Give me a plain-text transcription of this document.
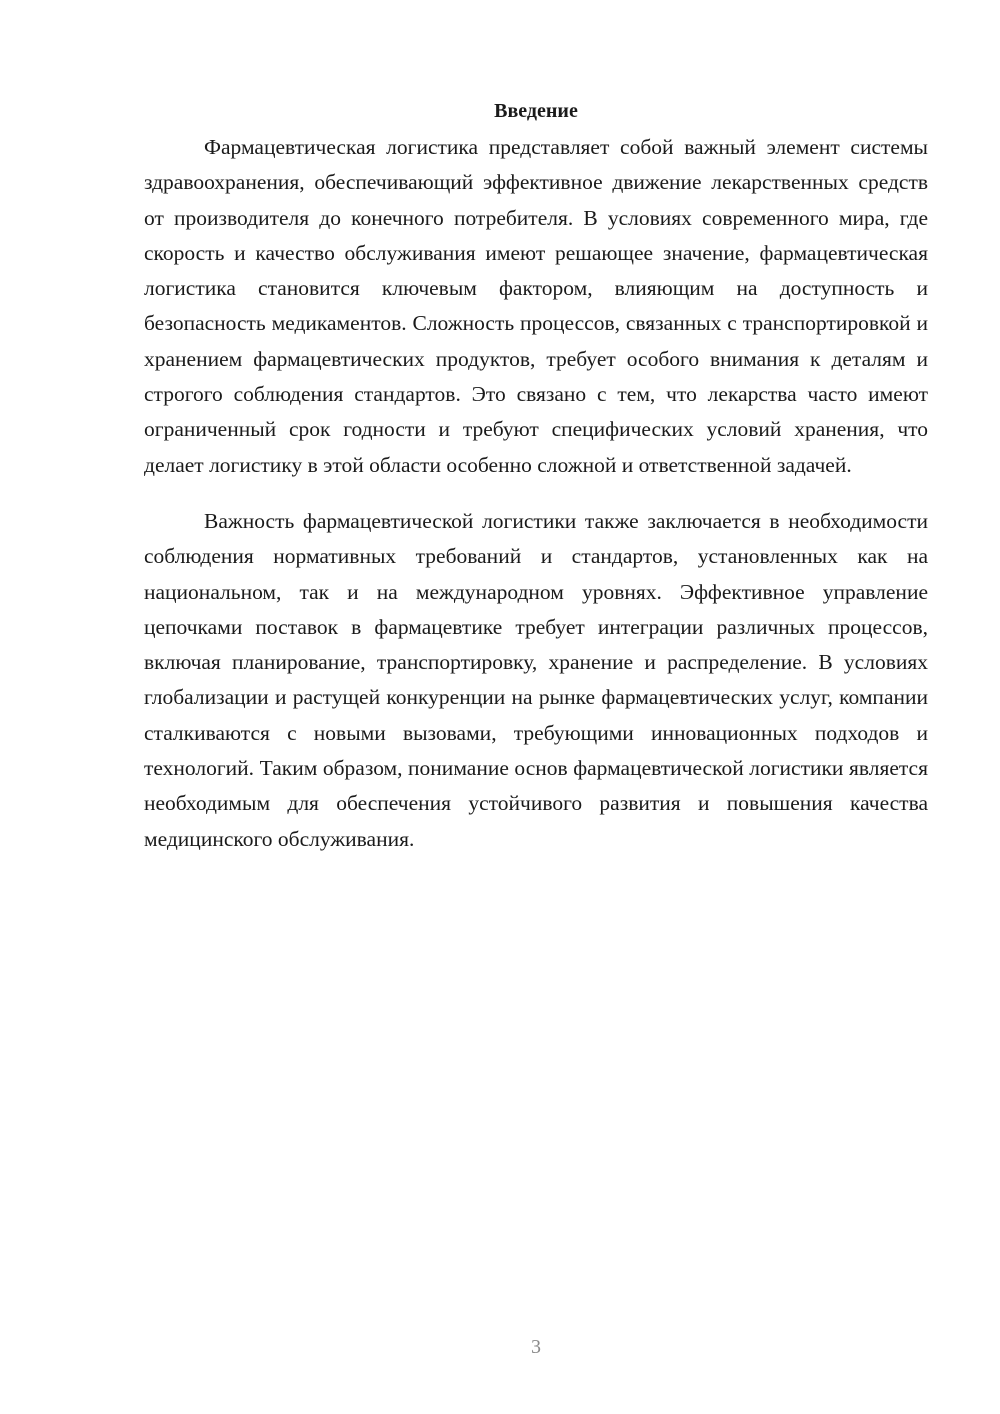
Введение

Фармацевтическая логистика представляет собой важный элемент системы здравоохранения, обеспечивающий эффективное движение лекарственных средств от производителя до конечного потребителя. В условиях современного мира, где скорость и качество обслуживания имеют решающее значение, фармацевтическая логистика становится ключевым фактором, влияющим на доступность и безопасность медикаментов. Сложность процессов, связанных с транспортировкой и хранением фармацевтических продуктов, требует особого внимания к деталям и строгого соблюдения стандартов. Это связано с тем, что лекарства часто имеют ограниченный срок годности и требуют специфических условий хранения, что делает логистику в этой области особенно сложной и ответственной задачей.

Важность фармацевтической логистики также заключается в необходимости соблюдения нормативных требований и стандартов, установленных как на национальном, так и на международном уровнях. Эффективное управление цепочками поставок в фармацевтике требует интеграции различных процессов, включая планирование, транспортировку, хранение и распределение. В условиях глобализации и растущей конкуренции на рынке фармацевтических услуг, компании сталкиваются с новыми вызовами, требующими инновационных подходов и технологий. Таким образом, понимание основ фармацевтической логистики является необходимым для обеспечения устойчивого развития и повышения качества медицинского обслуживания.

3
